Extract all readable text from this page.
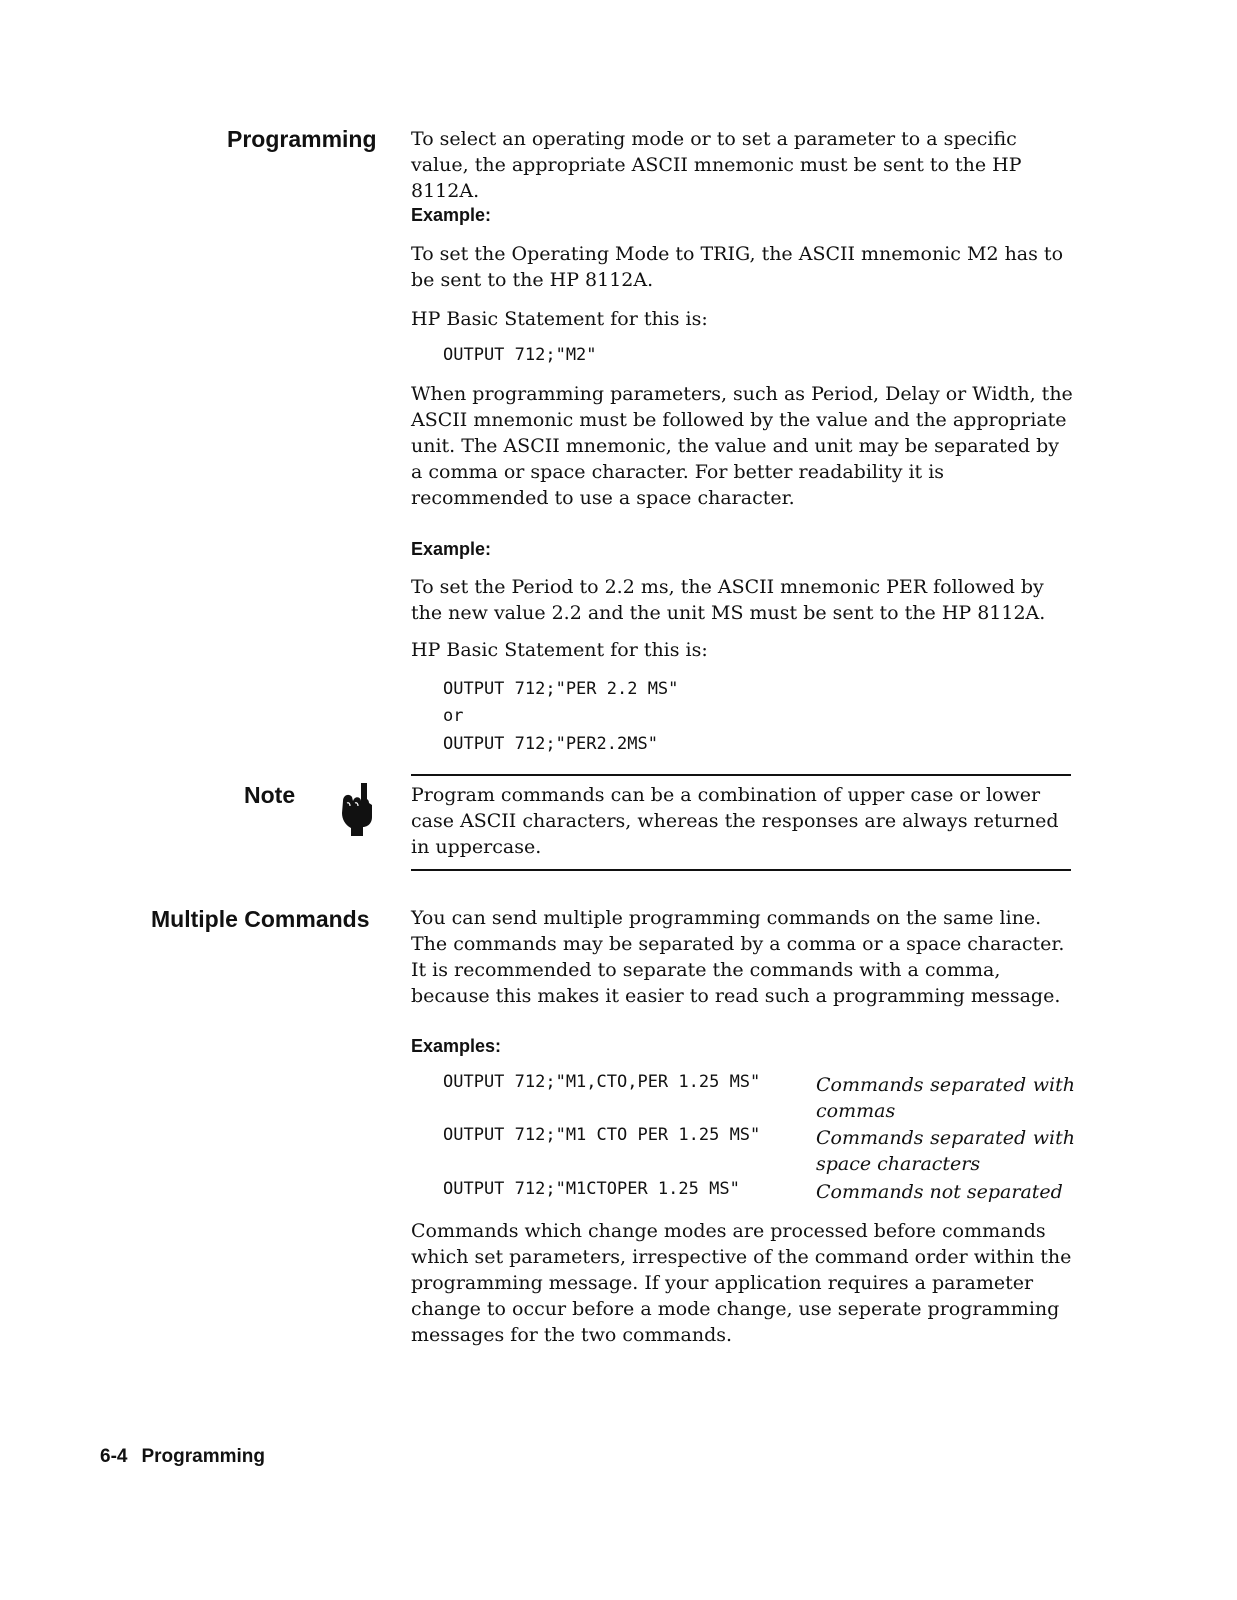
Programming To select an operating mode or to set a parameter to a specific value, the appropriate ASCII mnemonic must be sent to the HP 8112A.

Example:

To set the Operating Mode to TRIG, the ASCII mnemonic M2 has to be sent to the HP 8112A.

HP Basic Statement for this is:

OUTPUT 712;"M2"

When programming parameters, such as Period, Delay or Width, the ASCII mnemonic must be followed by the value and the appropriate unit. The ASCII mnemonic, the value and unit may be separated by a comma or space character. For better readability it is recommended to use a space character.

Example:

To set the Period to 2.2 ms, the ASCII mnemonic PER followed by the new value 2.2 and the unit MS must be sent to the HP 8112A.

HP Basic Statement for this is:

OUTPUT 712;"PER 2.2 MS"
or
OUTPUT 712;"PER2.2MS"
Note	Program commands can be a combination of upper case or lower case ASCII characters, whereas the responses are always returned in uppercase.

Multiple Commands You can send multiple programming commands on the same line. The commands may be separated by a comma or a space character. It is recommended to separate the commands with a comma, because this makes it easier to read such a programming message.

Examples:
OUTPUT 712;"M1,CTO,PER 1.25 MS"	Commands separated with commas
OUTPUT 712;"M1 CTO PER 1.25 MS"	Commands separated with space characters
OUTPUT 712;"M1CTOPER 1.25 MS"	Commands not separated

Commands which change modes are processed before commands which set parameters, irrespective of the command order within the programming message. If your application requires a parameter change to occur before a mode change, use seperate programming messages for the two commands.

6-4 Programming
